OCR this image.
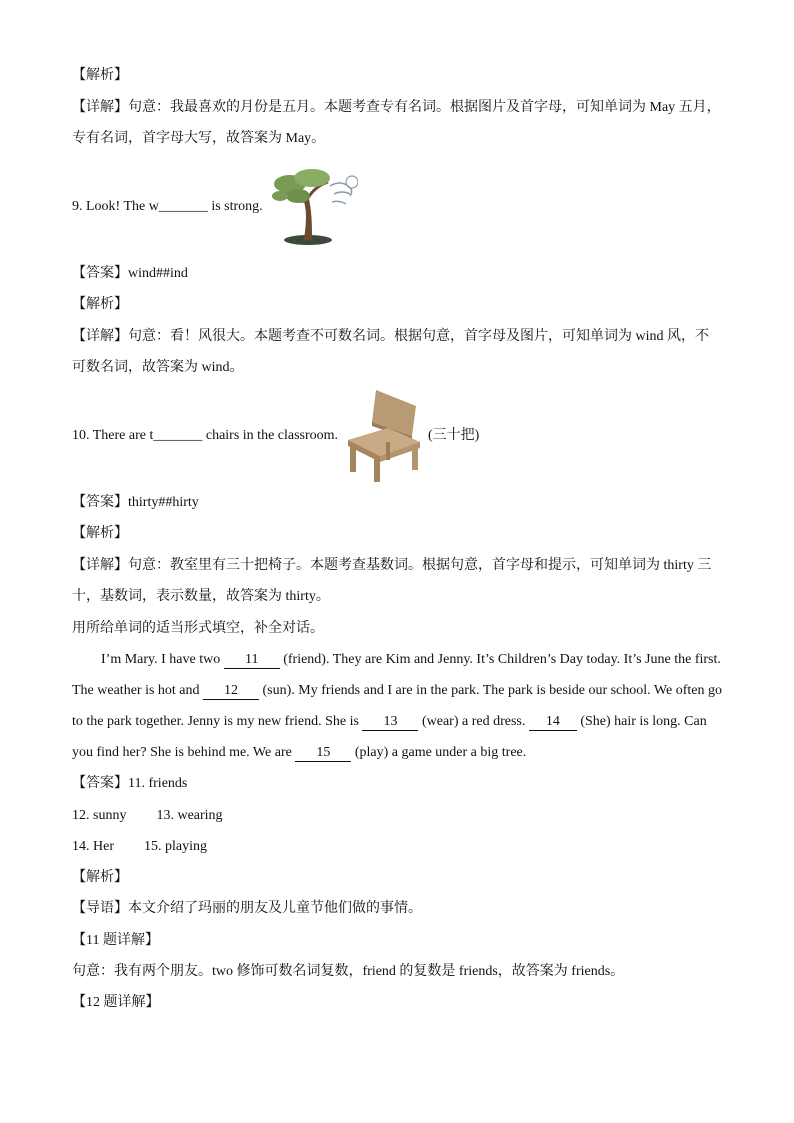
【解析】
【详解】句意：我最喜欢的月份是五月。本题考查专有名词。根据图片及首字母，可知单词为 May 五月，
专有名词，首字母大写，故答案为 May。
9. Look! The w_______ is strong.
【答案】wind##ind
【解析】
【详解】句意：看！风很大。本题考查不可数名词。根据句意，首字母及图片，可知单词为 wind 风，不
可数名词，故答案为 wind。
10. There are t_______ chairs in the classroom.	(三十把)
【答案】thirty##hirty
【解析】
【详解】句意：教室里有三十把椅子。本题考查基数词。根据句意，首字母和提示，可知单词为 thirty 三
十，基数词，表示数量，故答案为 thirty。
用所给单词的适当形式填空，补全对话。
I’m Mary. I have two 11 (friend). They are Kim and Jenny. It’s Children’s Day today. It’s June the first.
The weather is hot and 12 (sun). My friends and I are in the park. The park is beside our school. We often go
to the park together. Jenny is my new friend. She is 13 (wear) a red dress. 14 (She) hair is long. Can
you find her? She is behind me. We are 15 (play) a game under a big tree.
【答案】11. friends
12. sunny 13. wearing
14. Her 15. playing
【解析】
【导语】本文介绍了玛丽的朋友及儿童节他们做的事情。
【11 题详解】
句意：我有两个朋友。two 修饰可数名词复数，friend 的复数是 friends，故答案为 friends。
【12 题详解】
